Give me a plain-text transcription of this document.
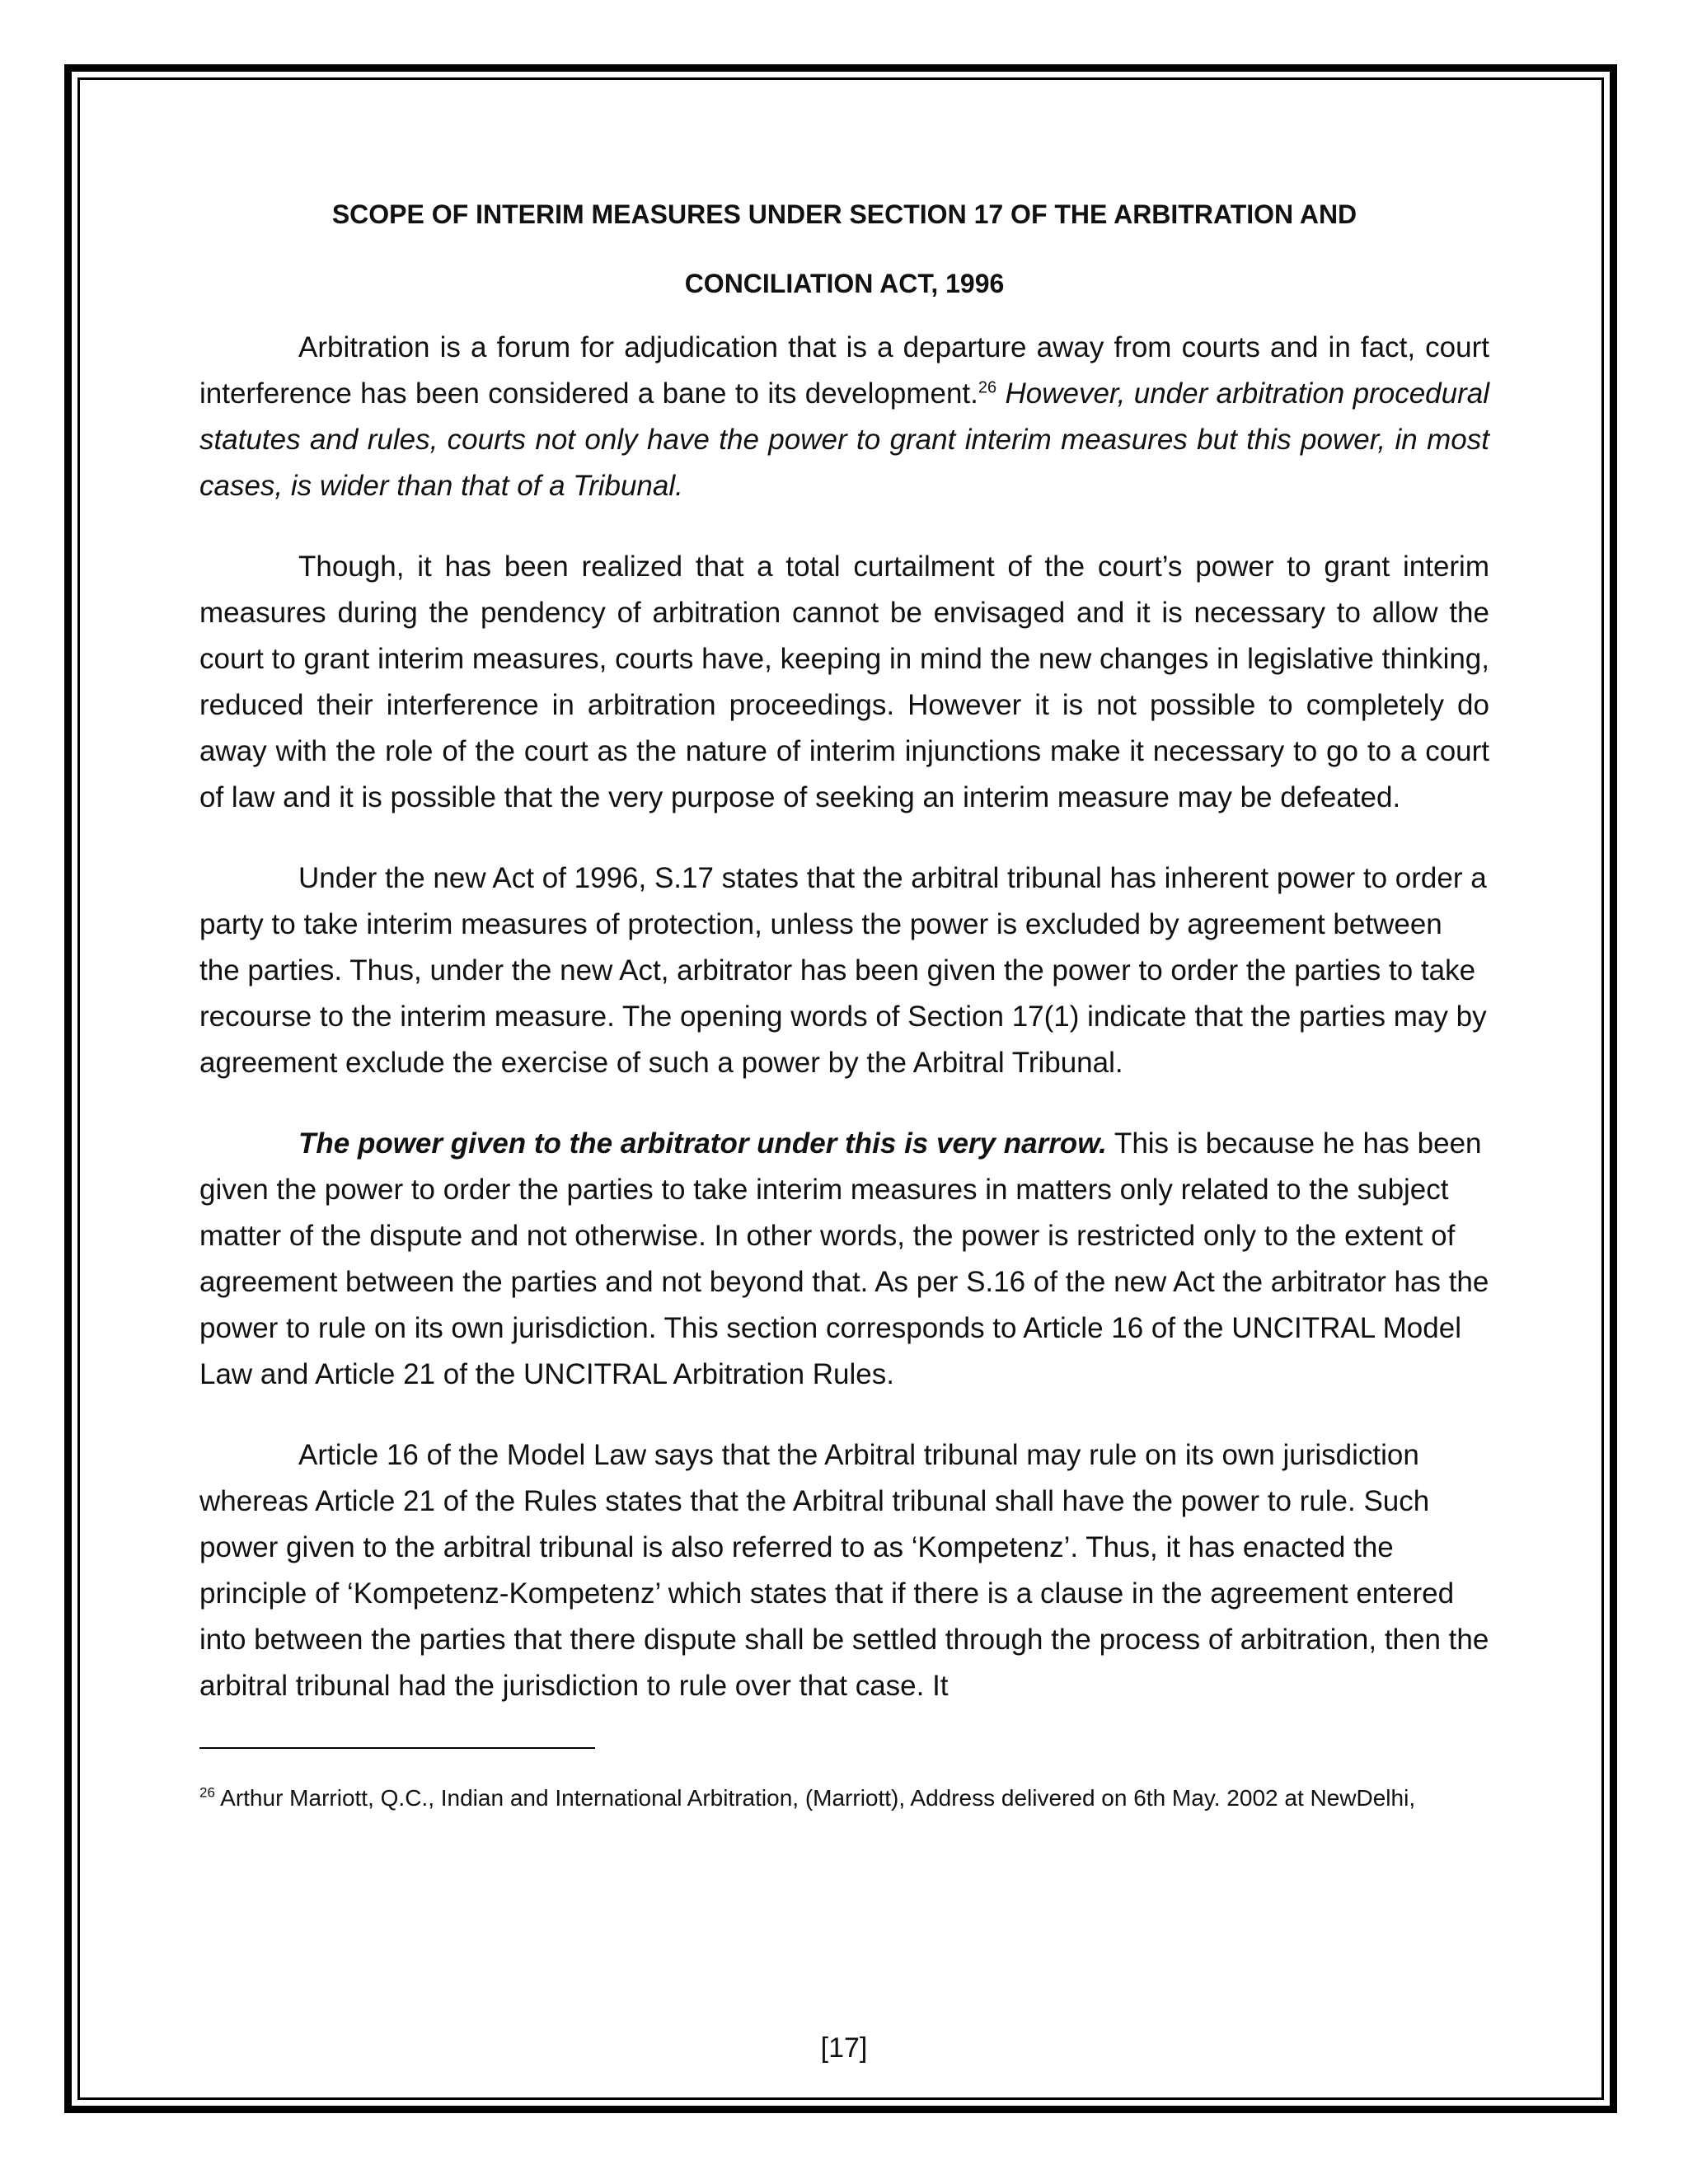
SCOPE OF INTERIM MEASURES UNDER SECTION 17 OF THE ARBITRATION AND
CONCILIATION ACT, 1996

Arbitration is a forum for adjudication that is a departure away from courts and in fact, court interference has been considered a bane to its development.$^{26}$ However, under arbitration procedural statutes and rules, courts not only have the power to grant interim measures but this power, in most cases, is wider than that of a Tribunal.

Though, it has been realized that a total curtailment of the court’s power to grant interim measures during the pendency of arbitration cannot be envisaged and it is necessary to allow the court to grant interim measures, courts have, keeping in mind the new changes in legislative thinking, reduced their interference in arbitration proceedings. However it is not possible to completely do away with the role of the court as the nature of interim injunctions make it necessary to go to a court of law and it is possible that the very purpose of seeking an interim measure may be defeated.

Under the new Act of 1996, S.17 states that the arbitral tribunal has inherent power to order a party to take interim measures of protection, unless the power is excluded by agreement between the parties. Thus, under the new Act, arbitrator has been given the power to order the parties to take recourse to the interim measure. The opening words of Section 17(1) indicate that the parties may by agreement exclude the exercise of such a power by the Arbitral Tribunal.

The power given to the arbitrator under this is very narrow. This is because he has been given the power to order the parties to take interim measures in matters only related to the subject matter of the dispute and not otherwise. In other words, the power is restricted only to the extent of agreement between the parties and not beyond that. As per S.16 of the new Act the arbitrator has the power to rule on its own jurisdiction. This section corresponds to Article 16 of the UNCITRAL Model Law and Article 21 of the UNCITRAL Arbitration Rules.

Article 16 of the Model Law says that the Arbitral tribunal may rule on its own jurisdiction whereas Article 21 of the Rules states that the Arbitral tribunal shall have the power to rule. Such power given to the arbitral tribunal is also referred to as ‘Kompetenz’. Thus, it has enacted the principle of ‘Kompetenz-Kompetenz’ which states that if there is a clause in the agreement entered into between the parties that there dispute shall be settled through the process of arbitration, then the arbitral tribunal had the jurisdiction to rule over that case. It

$^{26}$ Arthur Marriott, Q.C., Indian and International Arbitration, (Marriott), Address delivered on 6th May. 2002 at NewDelhi,
[17]
